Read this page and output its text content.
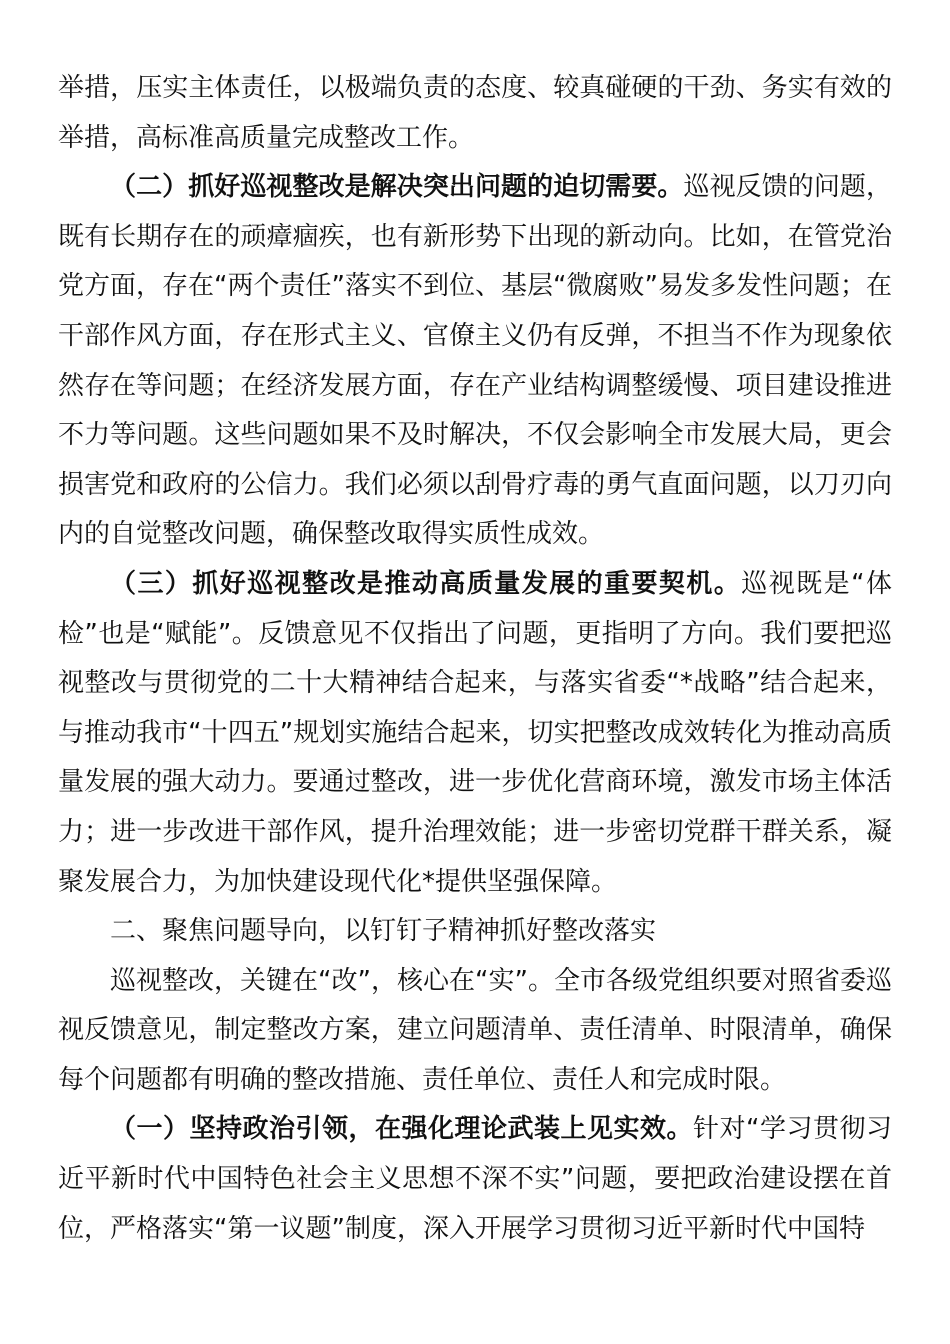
举措，压实主体责任，以极端负责的态度、较真碰硬的干劲、务实有效的举措，高标准高质量完成整改工作。

（二）抓好巡视整改是解决突出问题的迫切需要。巡视反馈的问题，既有长期存在的顽瘴痼疾，也有新形势下出现的新动向。比如，在管党治党方面，存在“两个责任”落实不到位、基层“微腐败”易发多发性问题；在干部作风方面，存在形式主义、官僚主义仍有反弹，不担当不作为现象依然存在等问题；在经济发展方面，存在产业结构调整缓慢、项目建设推进不力等问题。这些问题如果不及时解决，不仅会影响全市发展大局，更会损害党和政府的公信力。我们必须以刮骨疗毒的勇气直面问题，以刀刃向内的自觉整改问题，确保整改取得实质性成效。

（三）抓好巡视整改是推动高质量发展的重要契机。巡视既是“体检”也是“赋能”。反馈意见不仅指出了问题，更指明了方向。我们要把巡视整改与贯彻党的二十大精神结合起来，与落实省委“*战略”结合起来，与推动我市“十四五”规划实施结合起来，切实把整改成效转化为推动高质量发展的强大动力。要通过整改，进一步优化营商环境，激发市场主体活力；进一步改进干部作风，提升治理效能；进一步密切党群干群关系，凝聚发展合力，为加快建设现代化*提供坚强保障。

二、聚焦问题导向，以钉钉子精神抓好整改落实

巡视整改，关键在“改”，核心在“实”。全市各级党组织要对照省委巡视反馈意见，制定整改方案，建立问题清单、责任清单、时限清单，确保每个问题都有明确的整改措施、责任单位、责任人和完成时限。

（一）坚持政治引领，在强化理论武装上见实效。针对“学习贯彻习近平新时代中国特色社会主义思想不深不实”问题，要把政治建设摆在首位，严格落实“第一议题”制度，深入开展学习贯彻习近平新时代中国特
